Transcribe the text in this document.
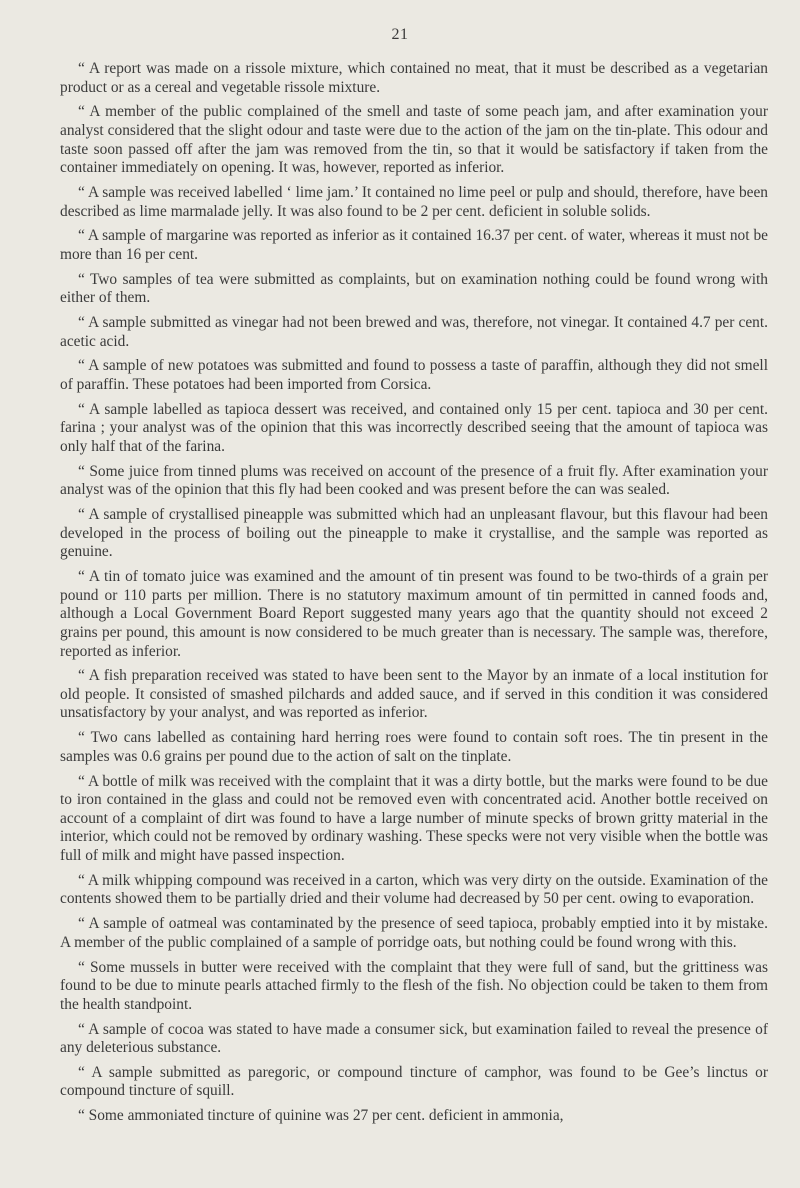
21

“ A report was made on a rissole mixture, which contained no meat, that it must be described as a vegetarian product or as a cereal and vegetable rissole mixture.

“ A member of the public complained of the smell and taste of some peach jam, and after examination your analyst considered that the slight odour and taste were due to the action of the jam on the tin-plate. This odour and taste soon passed off after the jam was removed from the tin, so that it would be satisfactory if taken from the container immediately on opening. It was, however, reported as inferior.

“ A sample was received labelled ‘ lime jam.’ It contained no lime peel or pulp and should, therefore, have been described as lime marmalade jelly. It was also found to be 2 per cent. deficient in soluble solids.

“ A sample of margarine was reported as inferior as it contained 16.37 per cent. of water, whereas it must not be more than 16 per cent.

“ Two samples of tea were submitted as complaints, but on examination nothing could be found wrong with either of them.

“ A sample submitted as vinegar had not been brewed and was, therefore, not vinegar. It contained 4.7 per cent. acetic acid.

“ A sample of new potatoes was submitted and found to possess a taste of paraffin, although they did not smell of paraffin. These potatoes had been imported from Corsica.

“ A sample labelled as tapioca dessert was received, and contained only 15 per cent. tapioca and 30 per cent. farina ; your analyst was of the opinion that this was incorrectly described seeing that the amount of tapioca was only half that of the farina.

“ Some juice from tinned plums was received on account of the presence of a fruit fly. After examination your analyst was of the opinion that this fly had been cooked and was present before the can was sealed.

“ A sample of crystallised pineapple was submitted which had an unpleasant flavour, but this flavour had been developed in the process of boiling out the pineapple to make it crystallise, and the sample was reported as genuine.

“ A tin of tomato juice was examined and the amount of tin present was found to be two-thirds of a grain per pound or 110 parts per million. There is no statutory maximum amount of tin permitted in canned foods and, although a Local Government Board Report suggested many years ago that the quantity should not exceed 2 grains per pound, this amount is now considered to be much greater than is necessary. The sample was, therefore, reported as inferior.

“ A fish preparation received was stated to have been sent to the Mayor by an inmate of a local institution for old people. It consisted of smashed pilchards and added sauce, and if served in this condition it was considered unsatisfactory by your analyst, and was reported as inferior.

“ Two cans labelled as containing hard herring roes were found to contain soft roes. The tin present in the samples was 0.6 grains per pound due to the action of salt on the tinplate.

“ A bottle of milk was received with the complaint that it was a dirty bottle, but the marks were found to be due to iron contained in the glass and could not be removed even with concentrated acid. Another bottle received on account of a complaint of dirt was found to have a large number of minute specks of brown gritty material in the interior, which could not be removed by ordinary washing. These specks were not very visible when the bottle was full of milk and might have passed inspection.

“ A milk whipping compound was received in a carton, which was very dirty on the outside. Examination of the contents showed them to be partially dried and their volume had decreased by 50 per cent. owing to evaporation.

“ A sample of oatmeal was contaminated by the presence of seed tapioca, probably emptied into it by mistake. A member of the public complained of a sample of porridge oats, but nothing could be found wrong with this.

“ Some mussels in butter were received with the complaint that they were full of sand, but the grittiness was found to be due to minute pearls attached firmly to the flesh of the fish. No objection could be taken to them from the health standpoint.

“ A sample of cocoa was stated to have made a consumer sick, but examination failed to reveal the presence of any deleterious substance.

“ A sample submitted as paregoric, or compound tincture of camphor, was found to be Gee’s linctus or compound tincture of squill.

“ Some ammoniated tincture of quinine was 27 per cent. deficient in ammonia,
